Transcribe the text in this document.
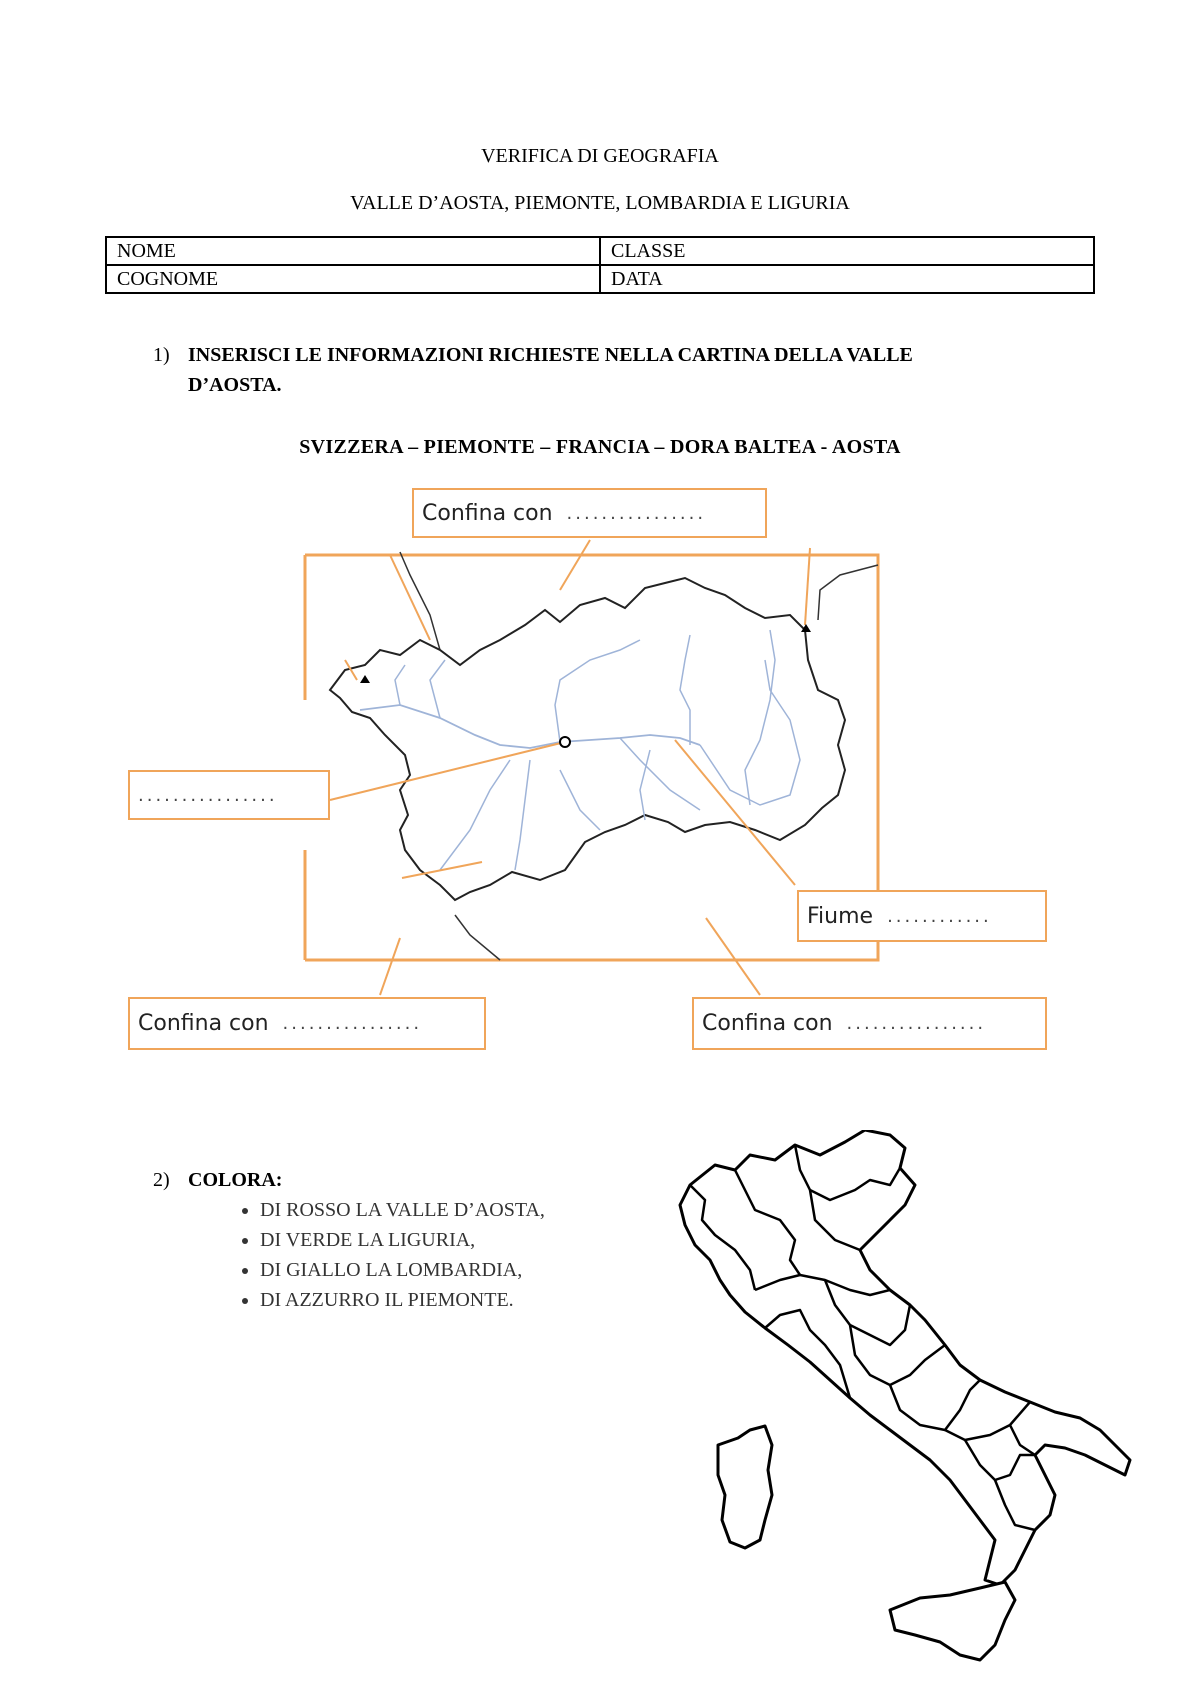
VERIFICA DI GEOGRAFIA
VALLE D’AOSTA, PIEMONTE, LOMBARDIA E LIGURIA
NOME	CLASSE
COGNOME	DATA
1) INSERISCI LE INFORMAZIONI RICHIESTE NELLA CARTINA DELLA VALLE
D’AOSTA.
SVIZZERA – PIEMONTE – FRANCIA – DORA BALTEA - AOSTA
Confina con ................
................
Fiume ............
Confina con ................	Confina con ................
2) COLORA:
• DI ROSSO LA VALLE D’AOSTA,
• DI VERDE LA LIGURIA,
• DI GIALLO LA LOMBARDIA,
• DI AZZURRO IL PIEMONTE.
